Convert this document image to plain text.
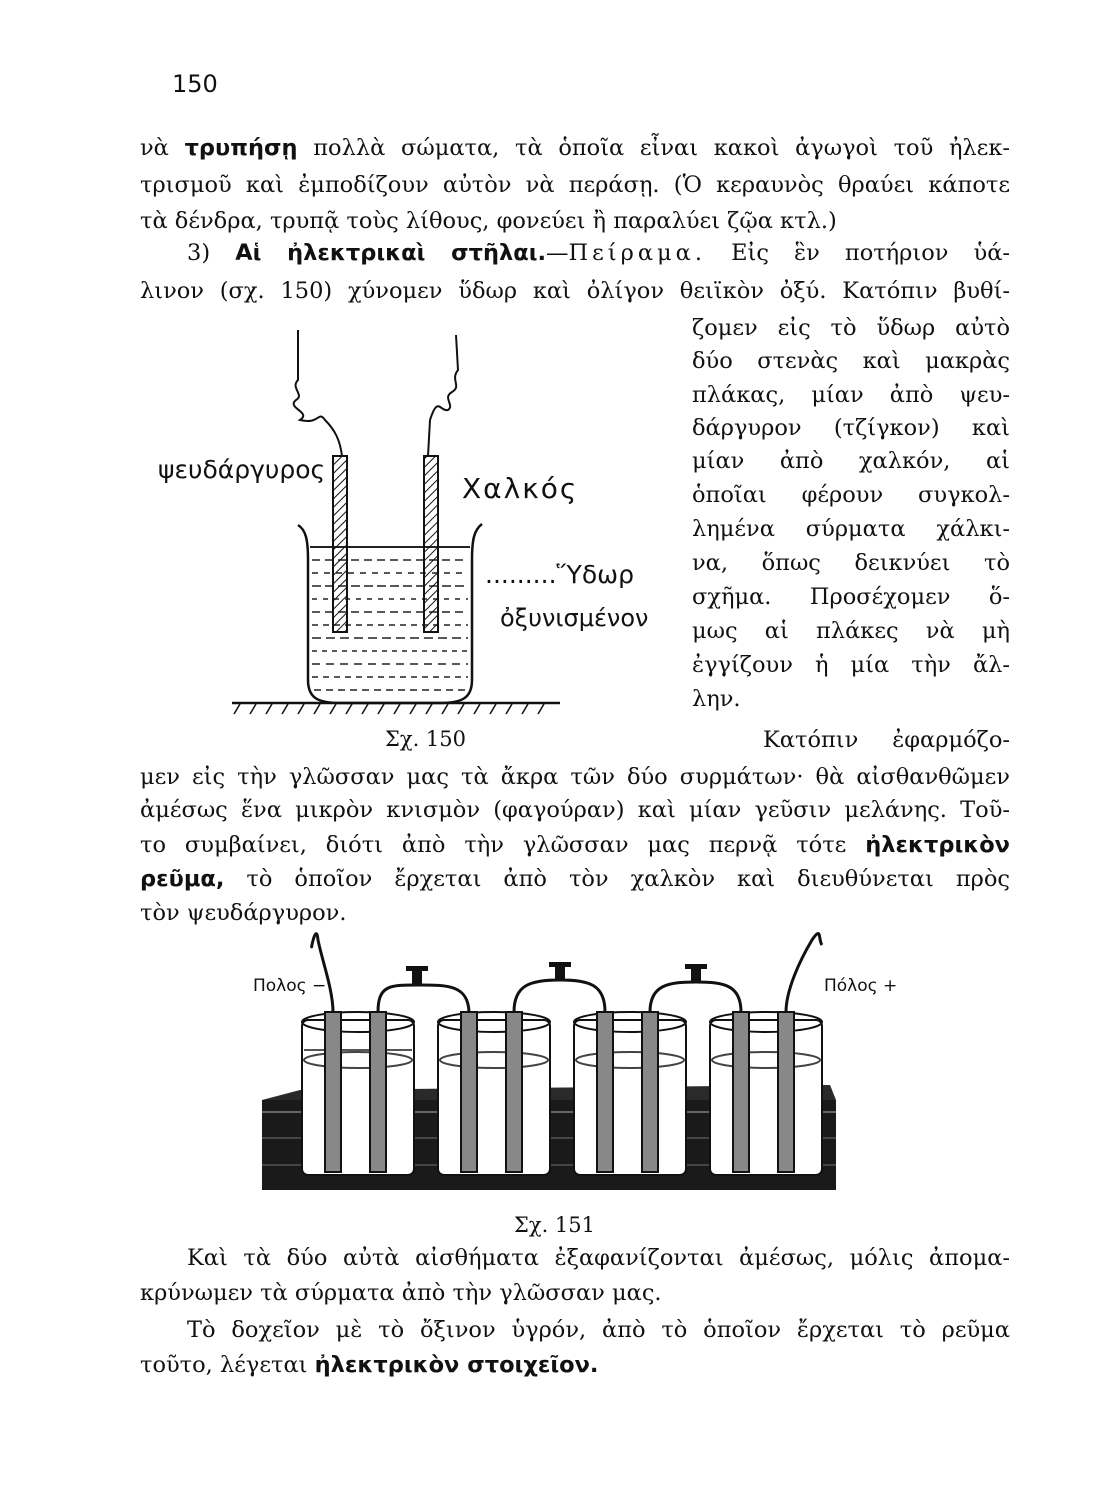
150
νὰ τρυπήσῃ πολλὰ σώματα, τὰ ὁποῖα εἶναι κακοὶ ἀγωγοὶ τοῦ ἠλεκ-
τρισμοῦ καὶ ἐμποδίζουν αὐτὸν νὰ περάσῃ. (Ὁ κεραυνὸς θραύει κάποτε
τὰ δένδρα, τρυπᾷ τοὺς λίθους, φονεύει ἢ παραλύει ζῷα κτλ.)
3) Αἱ ἠλεκτρικαὶ στῆλαι.—Πείραμα. Εἰς ἓν ποτήριον ὑά-
λινον (σχ. 150) χύνομεν ὕδωρ καὶ ὀλίγον θειϊκὸν ὀξύ. Κατόπιν βυθί-
ζομεν εἰς τὸ ὕδωρ αὐτὸ
δύο στενὰς καὶ μακρὰς
πλάκας, μίαν ἀπὸ ψευ-
δάργυρον (τζίγκον) καὶ
μίαν ἀπὸ χαλκόν, αἱ
ὁποῖαι φέρουν συγκολ-
λημένα σύρματα χάλκι-
να, ὅπως δεικνύει τὸ
σχῆμα. Προσέχομεν ὅ-
μως αἱ πλάκες νὰ μὴ
ἐγγίζουν ἡ μία τὴν ἄλ-
λην.
ψευδάργυρος
Χαλκός
.........Ὕδωρ
ὀξυνισμένον
Σχ. 150	Κατόπιν ἐφαρμόζο-
μεν εἰς τὴν γλῶσσαν μας τὰ ἄκρα τῶν δύο συρμάτων· θὰ αἰσθανθῶμεν
ἀμέσως ἕνα μικρὸν κνισμὸν (φαγούραν) καὶ μίαν γεῦσιν μελάνης. Τοῦ-
το συμβαίνει, διότι ἀπὸ τὴν γλῶσσαν μας περνᾷ τότε ἠλεκτρικὸν
ρεῦμα, τὸ ὁποῖον ἔρχεται ἀπὸ τὸν χαλκὸν καὶ διευθύνεται πρὸς
τὸν ψευδάργυρον.
Πολος −	Πόλος +
Σχ. 151
Καὶ τὰ δύο αὐτὰ αἰσθήματα ἐξαφανίζονται ἀμέσως, μόλις ἀπομα-
κρύνωμεν τὰ σύρματα ἀπὸ τὴν γλῶσσαν μας.
Τὸ δοχεῖον μὲ τὸ ὄξινον ὑγρόν, ἀπὸ τὸ ὁποῖον ἔρχεται τὸ ρεῦμα
τοῦτο, λέγεται ἠλεκτρικὸν στοιχεῖον.
